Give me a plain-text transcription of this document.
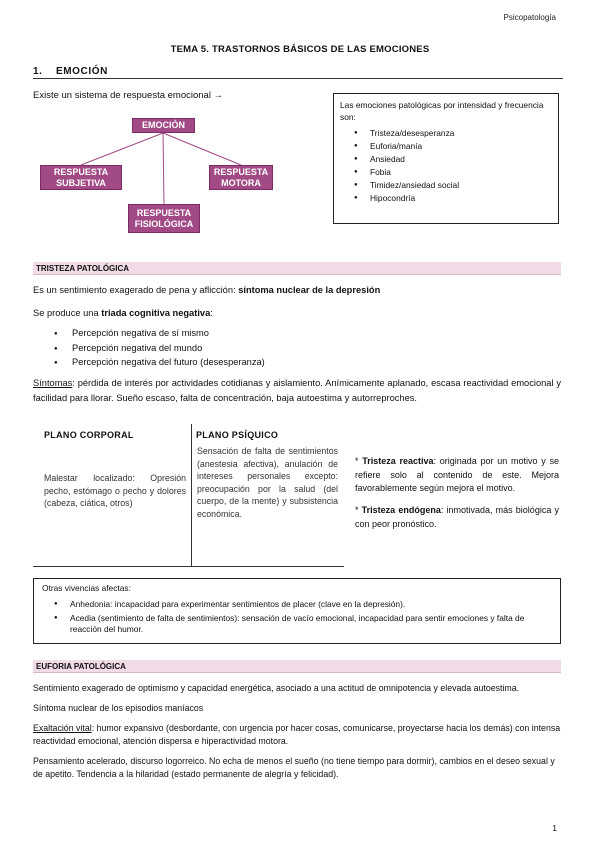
Psicopatología
TEMA 5. TRASTORNOS BÁSICOS DE LAS EMOCIONES
1. EMOCIÓN
Existe un sistema de respuesta emocional →
EMOCIÓN
RESPUESTA
SUBJETIVA
RESPUESTA
MOTORA
RESPUESTA
FISIOLÓGICA
Las emociones patológicas por intensidad y frecuencia son:
● Tristeza/desesperanza
● Euforia/manía
● Ansiedad
● Fobia
● Timidez/ansiedad social
● Hipocondría
TRISTEZA PATOLÓGICA
Es un sentimiento exagerado de pena y aflicción: síntoma nuclear de la depresión
Se produce una triada cognitiva negativa:
● Percepción negativa de sí mismo
● Percepción negativa del mundo
● Percepción negativa del futuro (desesperanza)
Síntomas: pérdida de interés por actividades cotidianas y aislamiento. Anímicamente aplanado, escasa reactividad emocional y facilidad para llorar. Sueño escaso, falta de concentración, baja autoestima y autorreproches.
PLANO CORPORAL	PLANO PSÍQUICO
Malestar localizado: Opresión pecho, estómago o pecho y dolores (cabeza, ciática, otros)
Sensación de falta de sentimientos (anestesia afectiva), anulación de intereses personales excepto: preocupación por la salud (del cuerpo, de la mente) y subsistencia económica.
* Tristeza reactiva: originada por un motivo y se refiere solo al contenido de este. Mejora favorablemente según mejora el motivo.
* Tristeza endógena: inmotivada, más biológica y con peor pronóstico.
Otras vivencias afectas:
● Anhedonia: incapacidad para experimentar sentimientos de placer (clave en la depresión).
● Acedia (sentimiento de falta de sentimientos): sensación de vacío emocional, incapacidad para sentir emociones y falta de reacción del humor.
EUFORIA PATOLÓGICA
Sentimiento exagerado de optimismo y capacidad energética, asociado a una actitud de omnipotencia y elevada autoestima.
Síntoma nuclear de los episodios maníacos
Exaltación vital: humor expansivo (desbordante, con urgencia por hacer cosas, comunicarse, proyectarse hacia los demás) con intensa reactividad emocional, atención dispersa e hiperactividad motora.
Pensamiento acelerado, discurso logorreico. No echa de menos el sueño (no tiene tiempo para dormir), cambios en el deseo sexual y de apetito. Tendencia a la hilaridad (estado permanente de alegría y felicidad).
1
